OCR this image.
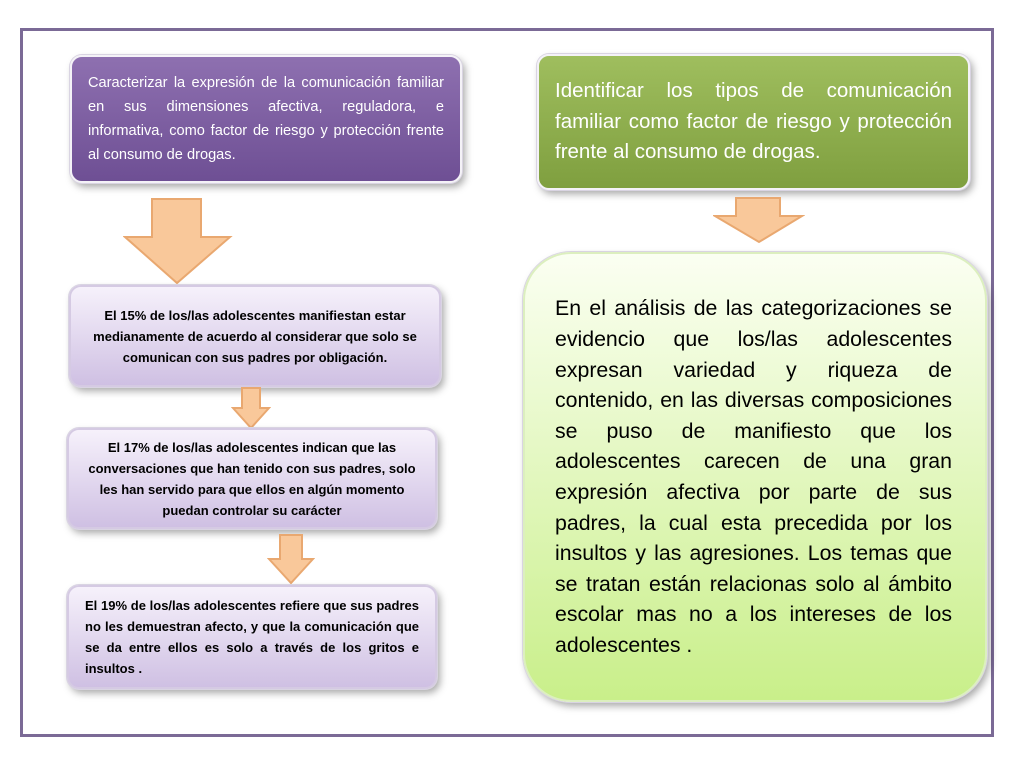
Caracterizar la expresión de la comunicación familiar en sus dimensiones afectiva, reguladora, e informativa, como factor de riesgo y protección frente al consumo de drogas.

Identificar los tipos de comunicación familiar como factor de riesgo y protección frente al consumo de drogas.

El 15% de los/las adolescentes manifiestan estar medianamente de acuerdo al considerar que solo se comunican con sus padres por obligación.

El 17% de los/las adolescentes indican que las conversaciones que han tenido con sus padres, solo les han servido para que ellos en algún momento puedan controlar su carácter

El 19% de los/las adolescentes refiere que sus padres no les demuestran afecto, y que la comunicación que se da entre ellos es solo a través de los gritos e insultos .

En el análisis de las categorizaciones se evidencio que los/las adolescentes expresan variedad y riqueza de contenido, en las diversas composiciones se puso de manifiesto que los adolescentes carecen de una gran expresión afectiva por parte de sus padres, la cual esta precedida por los insultos y las agresiones. Los temas que se tratan están relacionas solo al ámbito escolar mas no a los intereses de los adolescentes .
